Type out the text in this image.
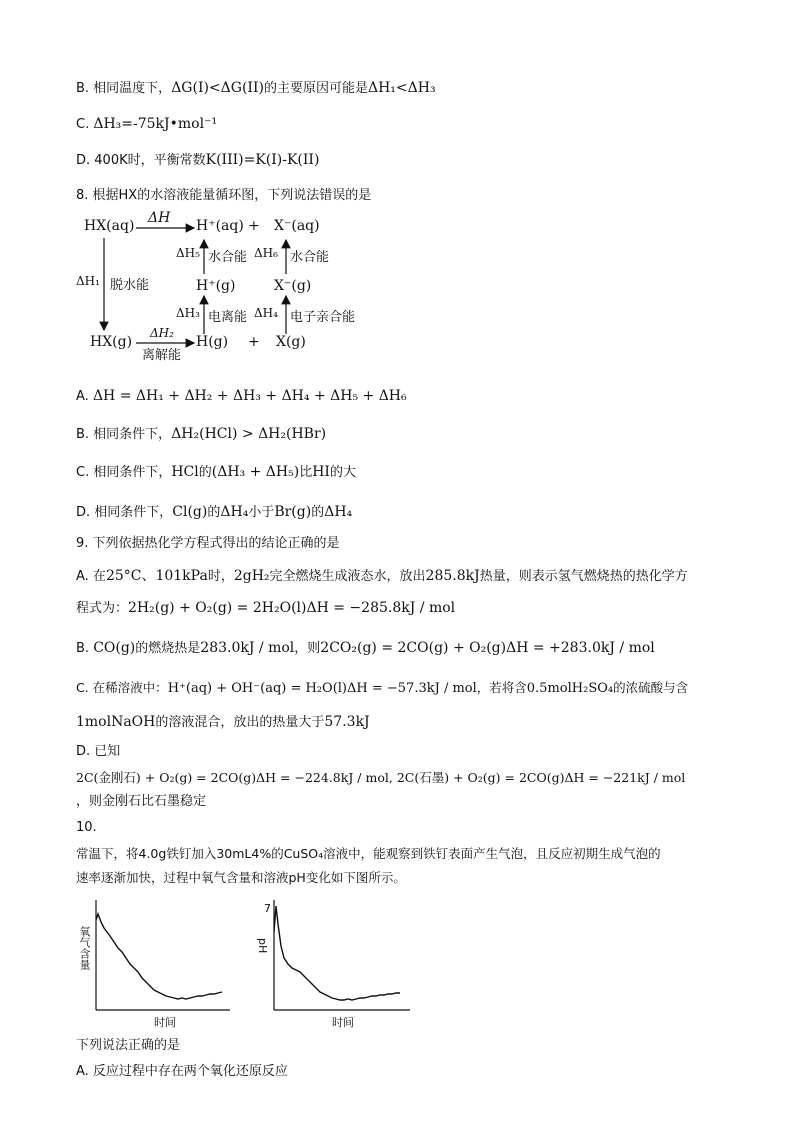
B. 相同温度下，ΔG(I)<ΔG(II)的主要原因可能是ΔH₁<ΔH₃
C. ΔH₃=-75kJ•mol⁻¹
D. 400K时，平衡常数K(III)=K(I)-K(II)
8. 根据HX的水溶液能量循环图，下列说法错误的是
HX(aq) ΔH H⁺(aq) + X⁻(aq)
ΔH₅ 水合能 ΔH₆ 水合能
ΔH₁ 脱水能	H⁺(g)	X⁻(g)
ΔH₃ 电离能 ΔH₄ 电子亲合能
HX(g)
ΔH₂
离解能
H(g) + X(g)
A. ΔH = ΔH₁ + ΔH₂ + ΔH₃ + ΔH₄ + ΔH₅ + ΔH₆
B. 相同条件下，ΔH₂(HCl) > ΔH₂(HBr)
C. 相同条件下，HCl的(ΔH₃ + ΔH₅)比HI的大
D. 相同条件下，Cl(g)的ΔH₄小于Br(g)的ΔH₄
9. 下列依据热化学方程式得出的结论正确的是
A. 在25°C、101kPa时，2gH₂完全燃烧生成液态水，放出285.8kJ热量，则表示氢气燃烧热的热化学方
程式为：2H₂(g) + O₂(g) = 2H₂O(l)ΔH = −285.8kJ / mol
B. CO(g)的燃烧热是283.0kJ / mol，则2CO₂(g) = 2CO(g) + O₂(g)ΔH = +283.0kJ / mol
C. 在稀溶液中：H⁺(aq) + OH⁻(aq) = H₂O(l)ΔH = −57.3kJ / mol，若将含0.5molH₂SO₄的浓硫酸与含
1molNaOH的溶液混合，放出的热量大于57.3kJ
D. 已知
2C(金刚石) + O₂(g) = 2CO(g)ΔH = −224.8kJ / mol, 2C(石墨) + O₂(g) = 2CO(g)ΔH = −221kJ / mol
，则金刚石比石墨稳定
10.
常温下，将4.0g铁钉加入30mL4%的CuSO₄溶液中，能观察到铁钉表面产生气泡，且反应初期生成气泡的
速率逐渐加快，过程中氧气含量和溶液pH变化如下图所示。
氧气含量
时间
7
pH
时间
下列说法正确的是
A. 反应过程中存在两个氧化还原反应
